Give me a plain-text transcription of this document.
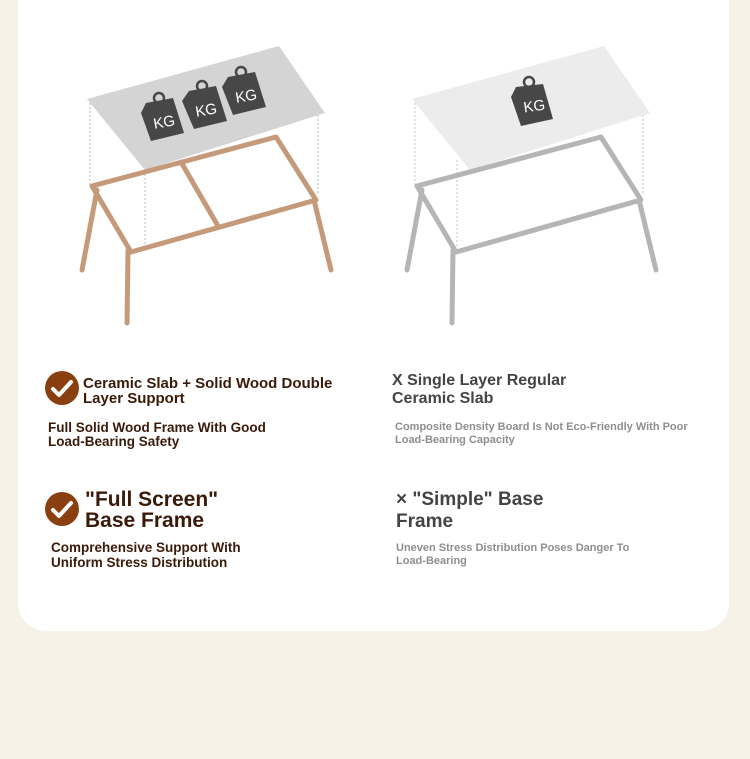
KG
KG
KG	KG

Ceramic Slab + Solid Wood Double
Layer Support

Full Solid Wood Frame With Good
Load-Bearing Safety

X Single Layer Regular
Ceramic Slab

Composite Density Board Is Not Eco-Friendly With Poor
Load-Bearing Capacity

"Full Screen"
Base Frame

Comprehensive Support With
Uniform Stress Distribution

× "Simple" Base
Frame

Uneven Stress Distribution Poses Danger To
Load-Bearing
